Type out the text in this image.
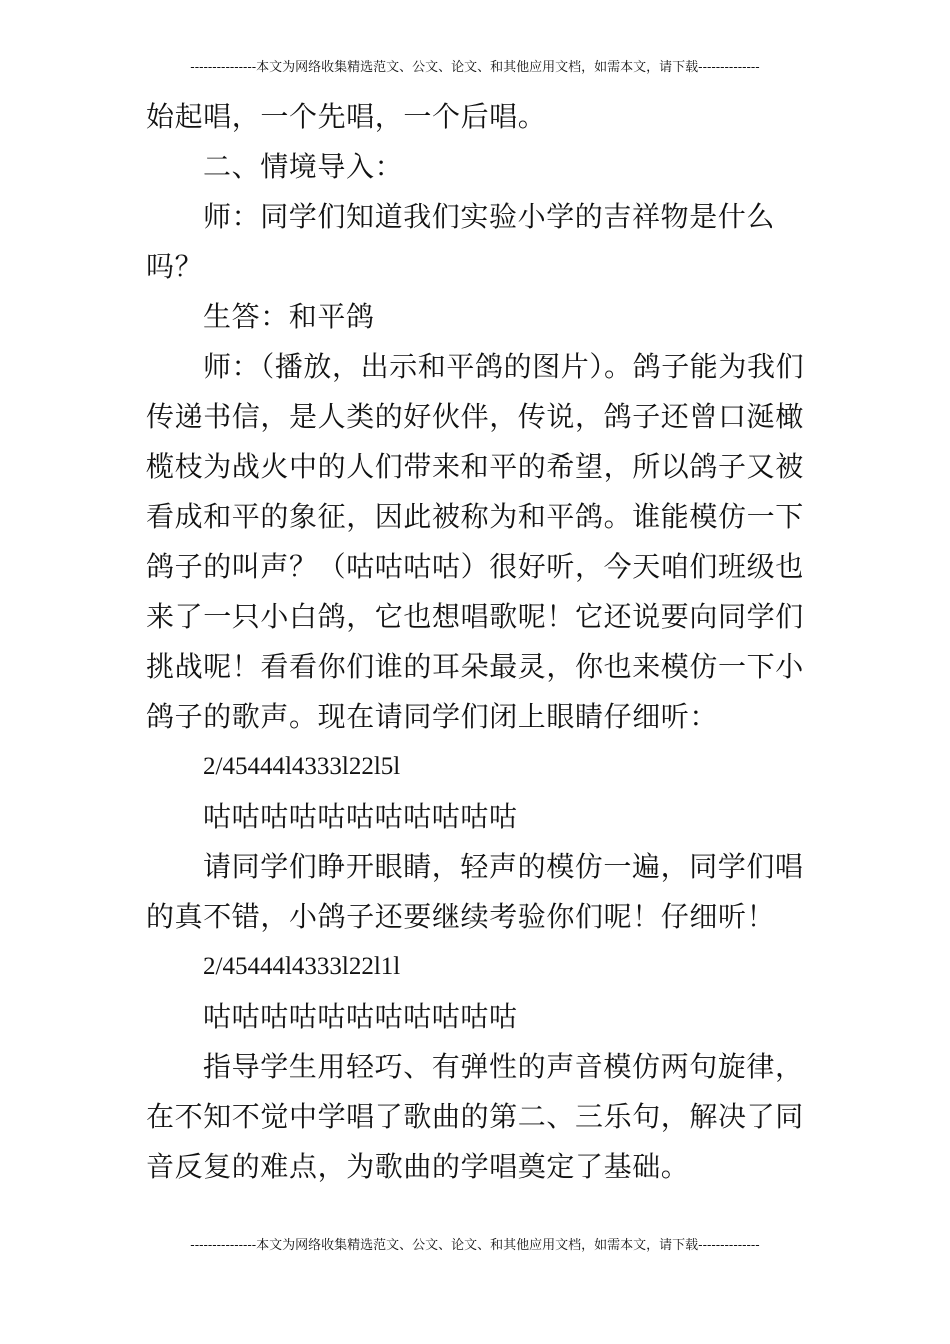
---------------本文为网络收集精选范文、公文、论文、和其他应用文档，如需本文，请下载--------------
始起唱，一个先唱，一个后唱。
二、情境导入：
师：同学们知道我们实验小学的吉祥物是什么
吗？
生答：和平鸽
师：（播放，出示和平鸽的图片）。鸽子能为我们
传递书信，是人类的好伙伴，传说，鸽子还曾口涎橄
榄枝为战火中的人们带来和平的希望，所以鸽子又被
看成和平的象征，因此被称为和平鸽。谁能模仿一下
鸽子的叫声？（咕咕咕咕）很好听，今天咱们班级也
来了一只小白鸽，它也想唱歌呢！它还说要向同学们
挑战呢！看看你们谁的耳朵最灵，你也来模仿一下小
鸽子的歌声。现在请同学们闭上眼睛仔细听：
2/45444l4333l22l5l
咕咕咕咕咕咕咕咕咕咕咕
请同学们睁开眼睛，轻声的模仿一遍，同学们唱
的真不错，小鸽子还要继续考验你们呢！仔细听！
2/45444l4333l22l1l
咕咕咕咕咕咕咕咕咕咕咕
指导学生用轻巧、有弹性的声音模仿两句旋律，
在不知不觉中学唱了歌曲的第二、三乐句，解决了同
音反复的难点，为歌曲的学唱奠定了基础。
---------------本文为网络收集精选范文、公文、论文、和其他应用文档，如需本文，请下载--------------
